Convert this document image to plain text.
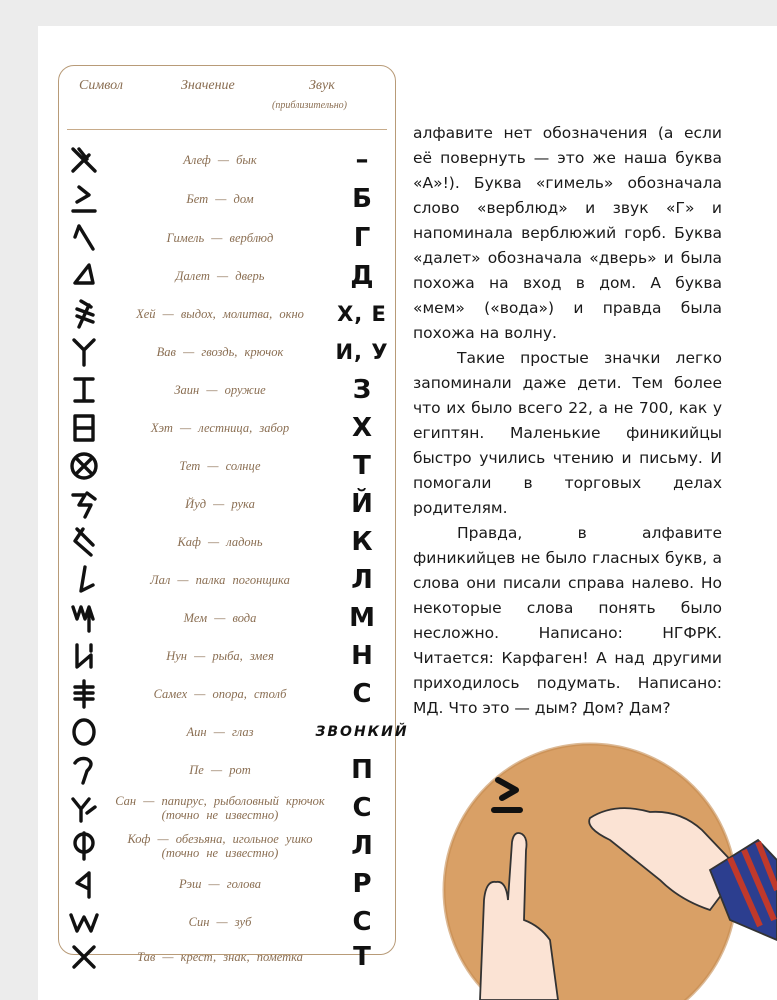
Символ	Значение	Звук
(приблизительно)
Алеф — бык	–
Бет — дом	Б
Гимель — верблюд	Г
Далет — дверь	Д
Хей — выдох, молитва, окно	Х, Е
Вав — гвоздь, крючок	И, У
Заин — оружие	З
Хэт — лестница, забор	Х
Тет — солнце	Т
Йуд — рука	Й
Каф — ладонь	К
Лал — палка погонщика	Л
Мем — вода	М
Нун — рыба, змея	Н
Самех — опора, столб	С
Аин — глаз	ЗВОНКИЙ
Пе — рот	П
Сан — папирус, рыболовный крючок (точно не известно)	С
Коф — обезьяна, игольное ушко (точно не известно)	Л
Рэш — голова	Р
Син — зуб	С
Тав — крест, знак, пометка	Т

алфавите нет обозначения (а если её повернуть — это же наша буква «А»!). Буква «гимель» обозначала слово «верблюд» и звук «Г» и напоминала верблюжий горб. Буква «далет» обозначала «дверь» и была похожа на вход в дом. А буква «мем» («вода») и правда была похожа на волну.

Такие простые значки легко запоминали даже дети. Тем более что их было всего 22, а не 700, как у египтян. Маленькие финикийцы быстро учились чтению и письму. И помогали в торговых делах родителям.

Правда, в алфавите финикийцев не было гласных букв, а слова они писали справа налево. Но некоторые слова понять было несложно. Написано: НГФРК. Читается: Карфаген! А над другими приходилось подумать. Написано: МД. Что это — дым? Дом? Дам?
